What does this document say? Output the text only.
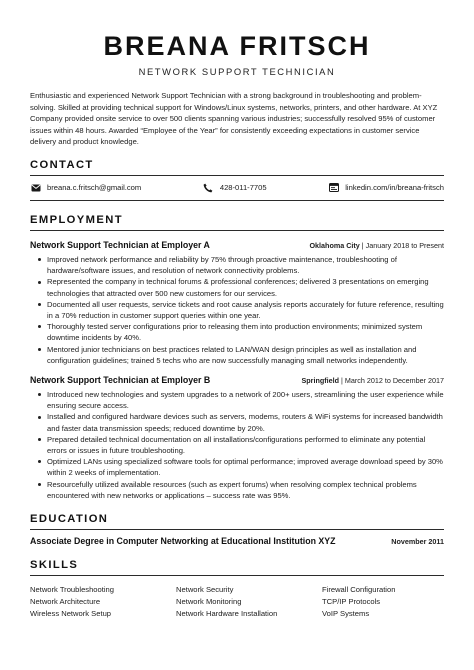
BREANA FRITSCH
NETWORK SUPPORT TECHNICIAN

Enthusiastic and experienced Network Support Technician with a strong background in troubleshooting and problem-solving. Skilled at providing technical support for Windows/Linux systems, networks, printers, and other hardware. At XYZ Company provided onsite service to over 500 clients spanning various industries; successfully resolved 95% of customer issues within 48 hours. Awarded “Employee of the Year” for consistently exceeding expectations in customer service delivery and product knowledge.

CONTACT
breana.c.fritsch@gmail.com	428-011-7705	linkedin.com/in/breana-fritsch
EMPLOYMENT
Network Support Technician at Employer A	Oklahoma City | January 2018 to Present
Improved network performance and reliability by 75% through proactive maintenance, troubleshooting of hardware/software issues, and resolution of network connectivity problems.
Represented the company in technical forums & professional conferences; delivered 3 presentations on emerging technologies that attracted over 500 new customers for our services.
Documented all user requests, service tickets and root cause analysis reports accurately for future reference, resulting in a 70% reduction in customer support queries within one year.
Thoroughly tested server configurations prior to releasing them into production environments; minimized system downtime incidents by 40%.
Mentored junior technicians on best practices related to LAN/WAN design principles as well as installation and configuration guidelines; trained 5 techs who are now successfully managing small networks independently.
Network Support Technician at Employer B	Springfield | March 2012 to December 2017
Introduced new technologies and system upgrades to a network of 200+ users, streamlining the user experience while ensuring secure access.
Installed and configured hardware devices such as servers, modems, routers & WiFi systems for increased bandwidth and faster data transmission speeds; reduced downtime by 20%.
Prepared detailed technical documentation on all installations/configurations performed to eliminate any potential errors or issues in future troubleshooting.
Optimized LANs using specialized software tools for optimal performance; improved average download speed by 30% within 2 weeks of implementation.
Resourcefully utilized available resources (such as expert forums) when resolving complex technical problems encountered with new networks or applications – success rate was 95%.
EDUCATION
Associate Degree in Computer Networking at Educational Institution XYZ	November 2011
SKILLS
Network Troubleshooting	Network Security	Firewall Configuration
Network Architecture	Network Monitoring	TCP/IP Protocols
Wireless Network Setup	Network Hardware Installation	VoIP Systems
